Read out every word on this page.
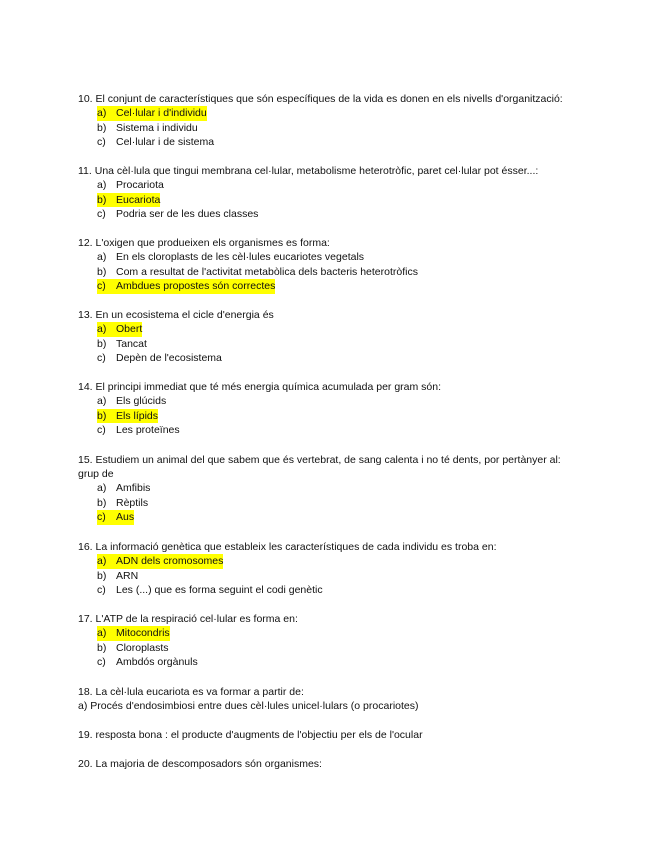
10. El conjunt de característiques que són específiques de la vida es donen en els nivells d'organització:
a) Cel·lular i d'individu
b) Sistema i individu
c) Cel·lular i de sistema
11. Una cèl·lula que tingui membrana cel·lular, metabolisme heterotròfic, paret cel·lular pot ésser...:
a) Procariota
b) Eucariota
c) Podria ser de les dues classes
12. L'oxigen que produeixen els organismes es forma:
a) En els cloroplasts de les cèl·lules eucariotes vegetals
b) Com a resultat de l'activitat metabòlica dels bacteris heterotròfics
c) Ambdues propostes són correctes
13. En un ecosistema el cicle d'energia és
a) Obert
b) Tancat
c) Depèn de l'ecosistema
14. El principi immediat que té més energia química acumulada per gram són:
a) Els glúcids
b) Els lípids
c) Les proteïnes
15. Estudiem un animal del que sabem que és vertebrat, de sang calenta i no té dents, por pertànyer al: grup de
a) Amfibis
b) Rèptils
c) Aus
16. La informació genètica que estableix les característiques de cada individu es troba en:
a) ADN dels cromosomes
b) ARN
c) Les (...) que es forma seguint el codi genètic
17. L'ATP de la respiració cel·lular es forma en:
a) Mitocondris
b) Cloroplasts
c) Ambdós orgànuls
18. La cèl·lula eucariota es va formar a partir de:
a) Procés d'endosimbiosi entre dues cèl·lules unicel·lulars (o procariotes)
19. resposta bona : el producte d'augments de l'objectiu per els de l'ocular
20. La majoria de descomposadors són organismes:
